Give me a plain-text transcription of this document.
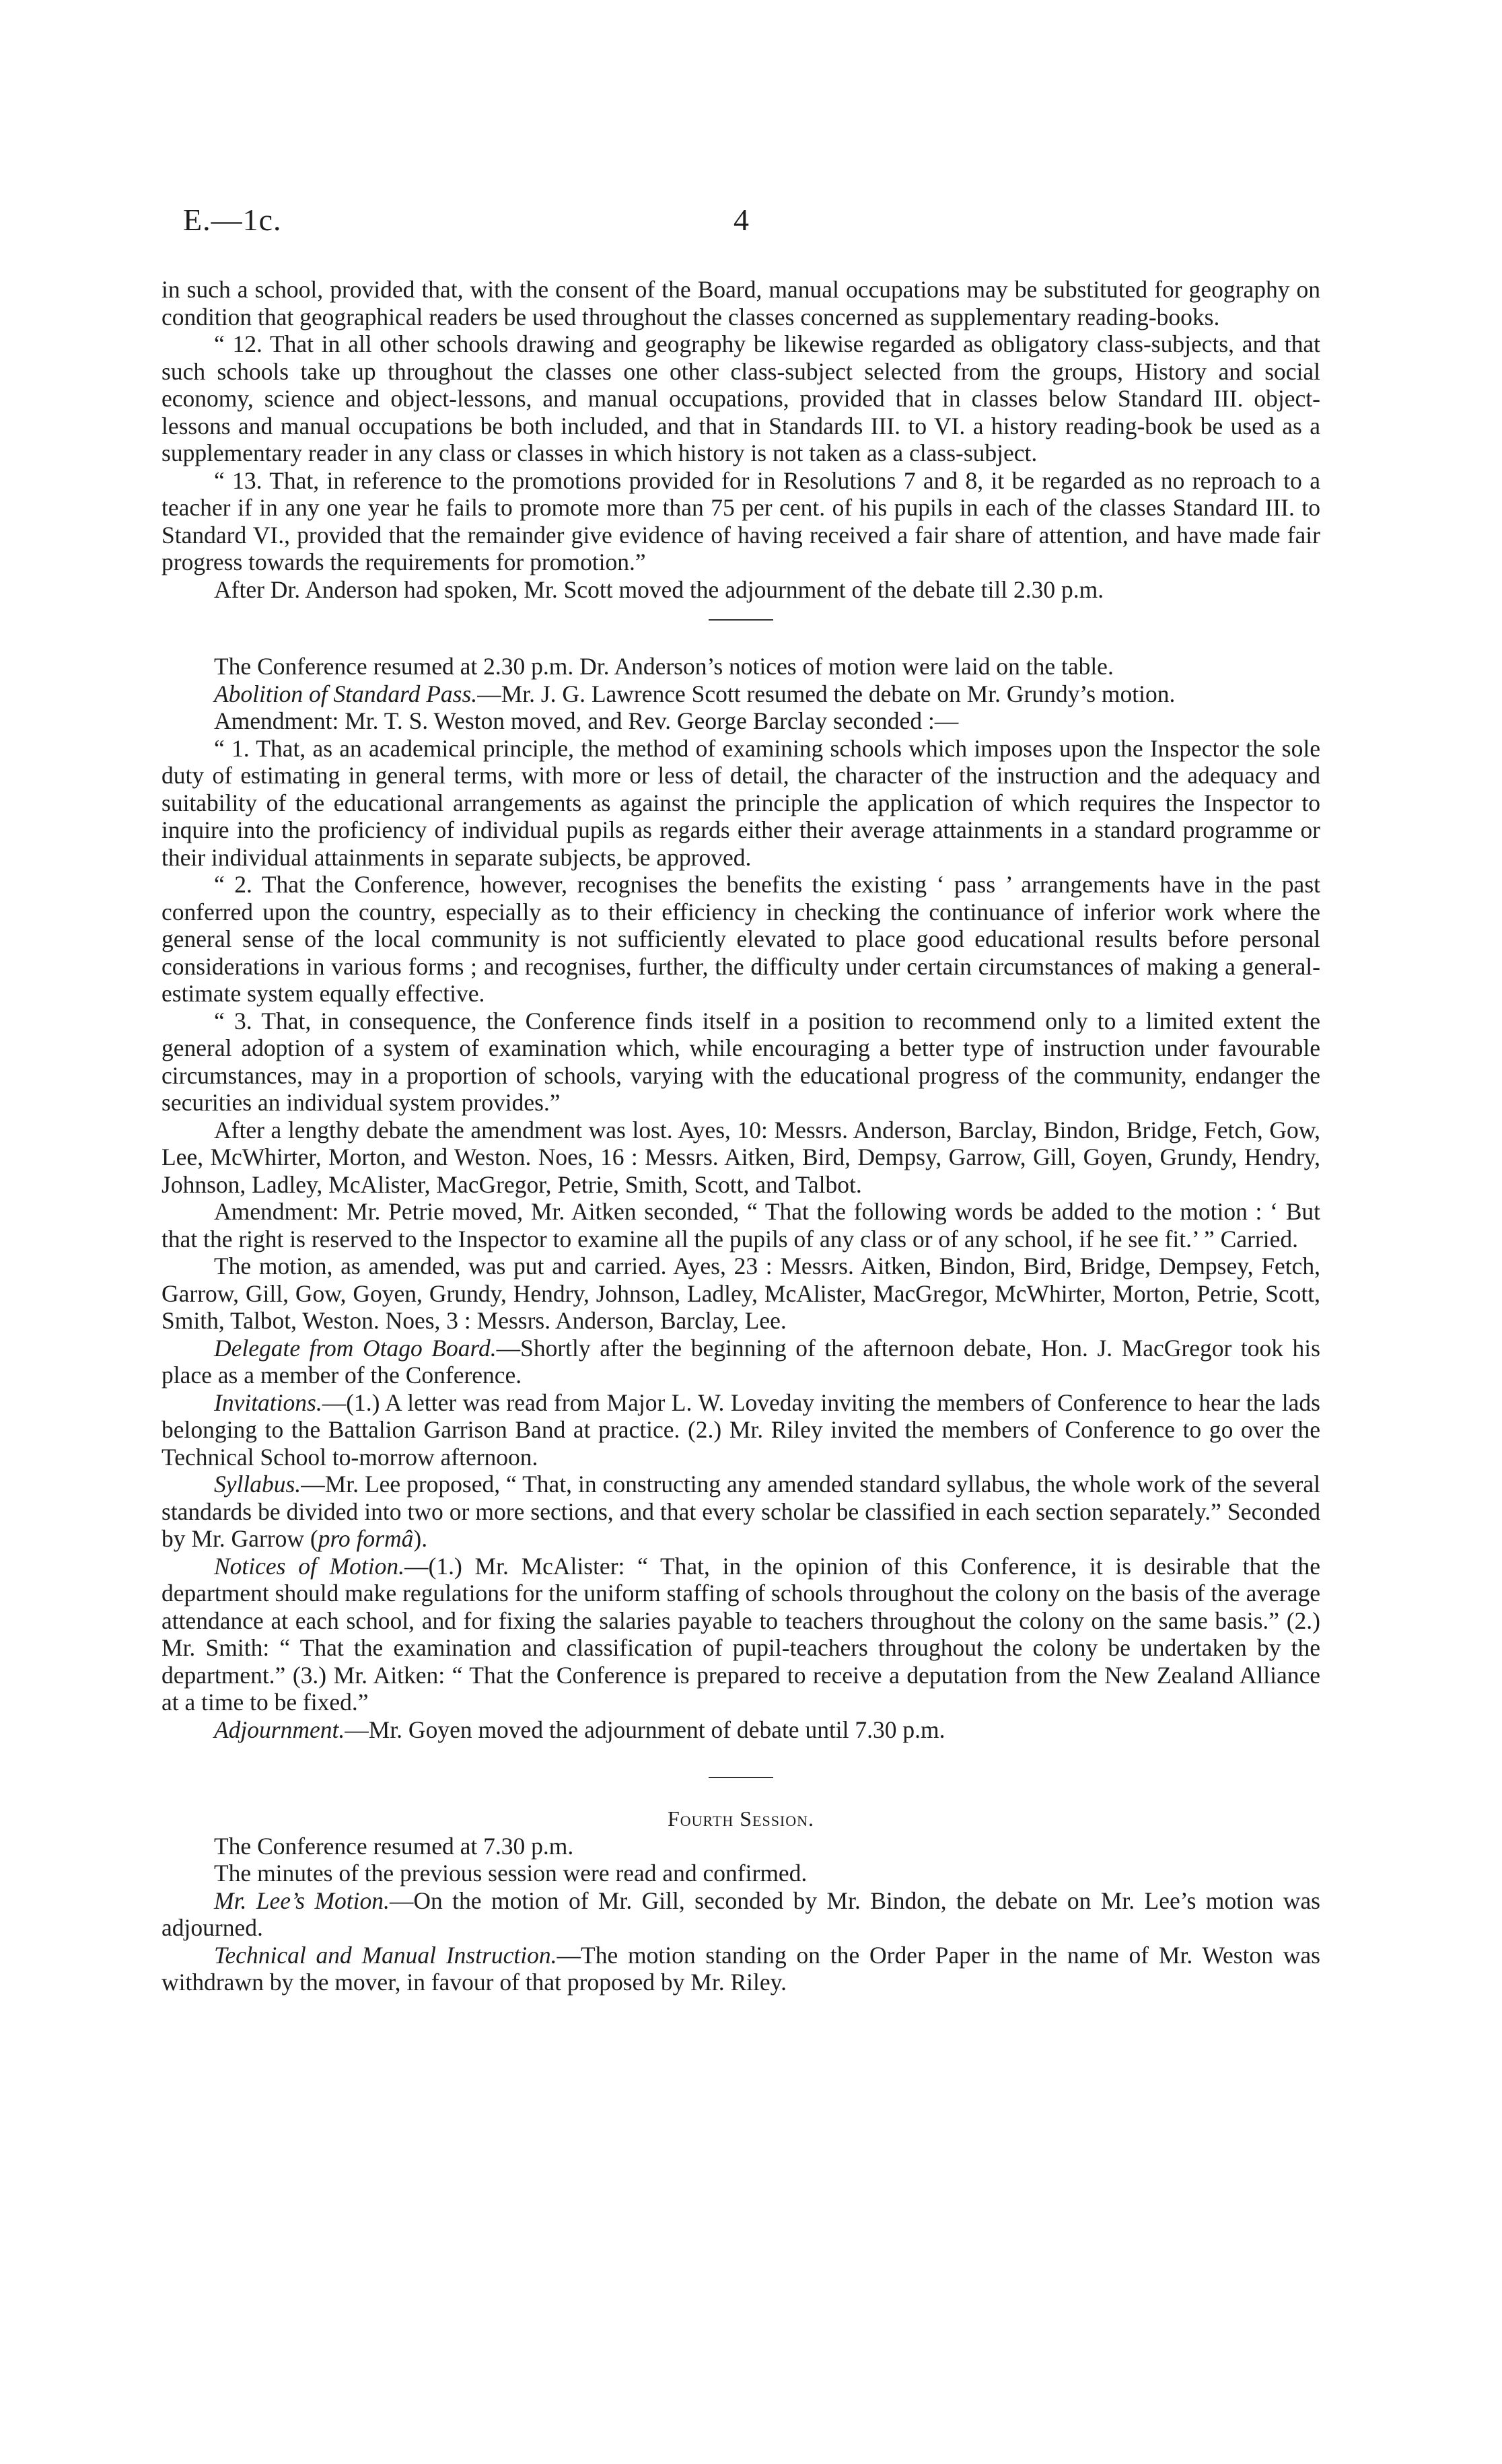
E.—1c.	4

in such a school, provided that, with the consent of the Board, manual occupations may be substituted for geography on condition that geographical readers be used throughout the classes concerned as supplementary reading-books.

“ 12. That in all other schools drawing and geography be likewise regarded as obligatory class-subjects, and that such schools take up throughout the classes one other class-subject selected from the groups, History and social economy, science and object-lessons, and manual occupations, provided that in classes below Standard III. object-lessons and manual occupations be both included, and that in Standards III. to VI. a history reading-book be used as a supplementary reader in any class or classes in which history is not taken as a class-subject.

“ 13. That, in reference to the promotions provided for in Resolutions 7 and 8, it be regarded as no reproach to a teacher if in any one year he fails to promote more than 75 per cent. of his pupils in each of the classes Standard III. to Standard VI., provided that the remainder give evidence of having received a fair share of attention, and have made fair progress towards the requirements for promotion.”

After Dr. Anderson had spoken, Mr. Scott moved the adjournment of the debate till 2.30 p.m.

The Conference resumed at 2.30 p.m. Dr. Anderson’s notices of motion were laid on the table.

Abolition of Standard Pass.—Mr. J. G. Lawrence Scott resumed the debate on Mr. Grundy’s motion.

Amendment: Mr. T. S. Weston moved, and Rev. George Barclay seconded :—

“ 1. That, as an academical principle, the method of examining schools which imposes upon the Inspector the sole duty of estimating in general terms, with more or less of detail, the character of the instruction and the adequacy and suitability of the educational arrangements as against the principle the application of which requires the Inspector to inquire into the proficiency of individual pupils as regards either their average attainments in a standard programme or their individual attainments in separate subjects, be approved.

“ 2. That the Conference, however, recognises the benefits the existing ‘ pass ’ arrangements have in the past conferred upon the country, especially as to their efficiency in checking the continuance of inferior work where the general sense of the local community is not sufficiently elevated to place good educational results before personal considerations in various forms ; and recognises, further, the difficulty under certain circumstances of making a general-estimate system equally effective.

“ 3. That, in consequence, the Conference finds itself in a position to recommend only to a limited extent the general adoption of a system of examination which, while encouraging a better type of instruction under favourable circumstances, may in a proportion of schools, varying with the educational progress of the community, endanger the securities an individual system provides.”

After a lengthy debate the amendment was lost. Ayes, 10: Messrs. Anderson, Barclay, Bindon, Bridge, Fetch, Gow, Lee, McWhirter, Morton, and Weston. Noes, 16 : Messrs. Aitken, Bird, Dempsy, Garrow, Gill, Goyen, Grundy, Hendry, Johnson, Ladley, McAlister, MacGregor, Petrie, Smith, Scott, and Talbot.

Amendment: Mr. Petrie moved, Mr. Aitken seconded, “ That the following words be added to the motion : ‘ But that the right is reserved to the Inspector to examine all the pupils of any class or of any school, if he see fit.’ ” Carried.

The motion, as amended, was put and carried. Ayes, 23 : Messrs. Aitken, Bindon, Bird, Bridge, Dempsey, Fetch, Garrow, Gill, Gow, Goyen, Grundy, Hendry, Johnson, Ladley, McAlister, MacGregor, McWhirter, Morton, Petrie, Scott, Smith, Talbot, Weston. Noes, 3 : Messrs. Anderson, Barclay, Lee.

Delegate from Otago Board.—Shortly after the beginning of the afternoon debate, Hon. J. MacGregor took his place as a member of the Conference.

Invitations.—(1.) A letter was read from Major L. W. Loveday inviting the members of Conference to hear the lads belonging to the Battalion Garrison Band at practice. (2.) Mr. Riley invited the members of Conference to go over the Technical School to-morrow afternoon.

Syllabus.—Mr. Lee proposed, “ That, in constructing any amended standard syllabus, the whole work of the several standards be divided into two or more sections, and that every scholar be classified in each section separately.” Seconded by Mr. Garrow (pro formâ).

Notices of Motion.—(1.) Mr. McAlister: “ That, in the opinion of this Conference, it is desirable that the department should make regulations for the uniform staffing of schools throughout the colony on the basis of the average attendance at each school, and for fixing the salaries payable to teachers throughout the colony on the same basis.” (2.) Mr. Smith: “ That the examination and classification of pupil-teachers throughout the colony be undertaken by the department.” (3.) Mr. Aitken: “ That the Conference is prepared to receive a deputation from the New Zealand Alliance at a time to be fixed.”

Adjournment.—Mr. Goyen moved the adjournment of debate until 7.30 p.m.

Fourth Session.

The Conference resumed at 7.30 p.m.

The minutes of the previous session were read and confirmed.

Mr. Lee’s Motion.—On the motion of Mr. Gill, seconded by Mr. Bindon, the debate on Mr. Lee’s motion was adjourned.

Technical and Manual Instruction.—The motion standing on the Order Paper in the name of Mr. Weston was withdrawn by the mover, in favour of that proposed by Mr. Riley.
